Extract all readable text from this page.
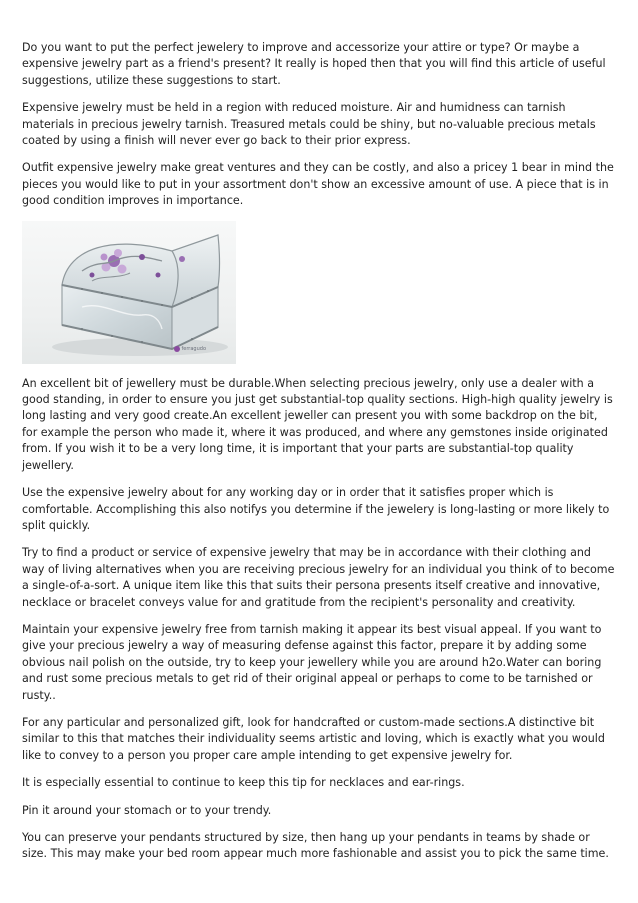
Do you want to put the perfect jewelery to improve and accessorize your attire or type? Or maybe a expensive jewelry part as a friend's present? It really is hoped then that you will find this article of useful suggestions, utilize these suggestions to start.

Expensive jewelry must be held in a region with reduced moisture. Air and humidness can tarnish materials in precious jewelry tarnish. Treasured metals could be shiny, but no-valuable precious metals coated by using a finish will never ever go back to their prior express.

Outfit expensive jewelry make great ventures and they can be costly, and also a pricey 1 bear in mind the pieces you would like to put in your assortment don't show an excessive amount of use. A piece that is in good condition improves in importance.

ferragudo

An excellent bit of jewellery must be durable.When selecting precious jewelry, only use a dealer with a good standing, in order to ensure you just get substantial-top quality sections. High-high quality jewelry is long lasting and very good create.An excellent jeweller can present you with some backdrop on the bit, for example the person who made it, where it was produced, and where any gemstones inside originated from. If you wish it to be a very long time, it is important that your parts are substantial-top quality jewellery.

Use the expensive jewelry about for any working day or in order that it satisfies proper which is comfortable. Accomplishing this also notifys you determine if the jewelery is long-lasting or more likely to split quickly.

Try to find a product or service of expensive jewelry that may be in accordance with their clothing and way of living alternatives when you are receiving precious jewelry for an individual you think of to become a single-of-a-sort. A unique item like this that suits their persona presents itself creative and innovative, necklace or bracelet conveys value for and gratitude from the recipient's personality and creativity.

Maintain your expensive jewelry free from tarnish making it appear its best visual appeal. If you want to give your precious jewelry a way of measuring defense against this factor, prepare it by adding some obvious nail polish on the outside, try to keep your jewellery while you are around h2o.Water can boring and rust some precious metals to get rid of their original appeal or perhaps to come to be tarnished or rusty..

For any particular and personalized gift, look for handcrafted or custom-made sections.A distinctive bit similar to this that matches their individuality seems artistic and loving, which is exactly what you would like to convey to a person you proper care ample intending to get expensive jewelry for.

It is especially essential to continue to keep this tip for necklaces and ear-rings.

Pin it around your stomach or to your trendy.

You can preserve your pendants structured by size, then hang up your pendants in teams by shade or size. This may make your bed room appear much more fashionable and assist you to pick the same time.
